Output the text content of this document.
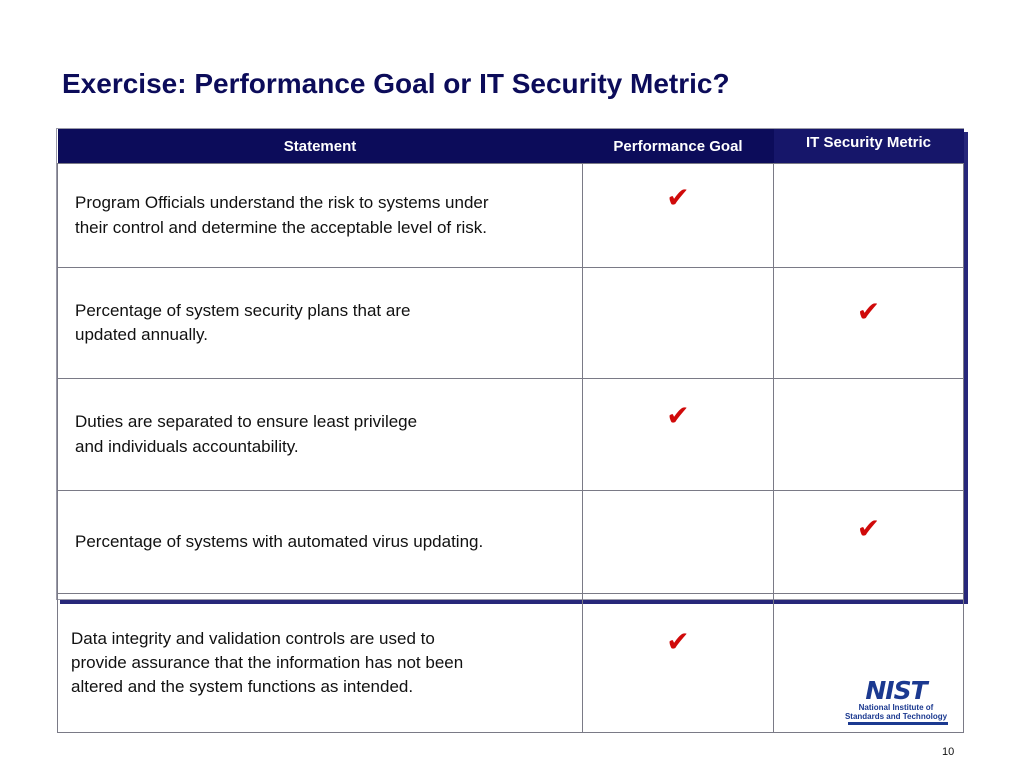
Exercise: Performance Goal or IT Security Metric?
Statement	Performance Goal	IT Security Metric

Program Officials understand the risk to systems under
their control and determine the acceptable level of risk.	✔	

Percentage of system security plans that are
updated annually.		✔

Duties are separated to ensure least privilege
and individuals accountability.	✔	

Percentage of systems with automated virus updating.		✔

Data integrity and validation controls are used to
provide assurance that the information has not been
altered and the system functions as intended.	✔	
NIST
National Institute of
Standards and Technology
10
